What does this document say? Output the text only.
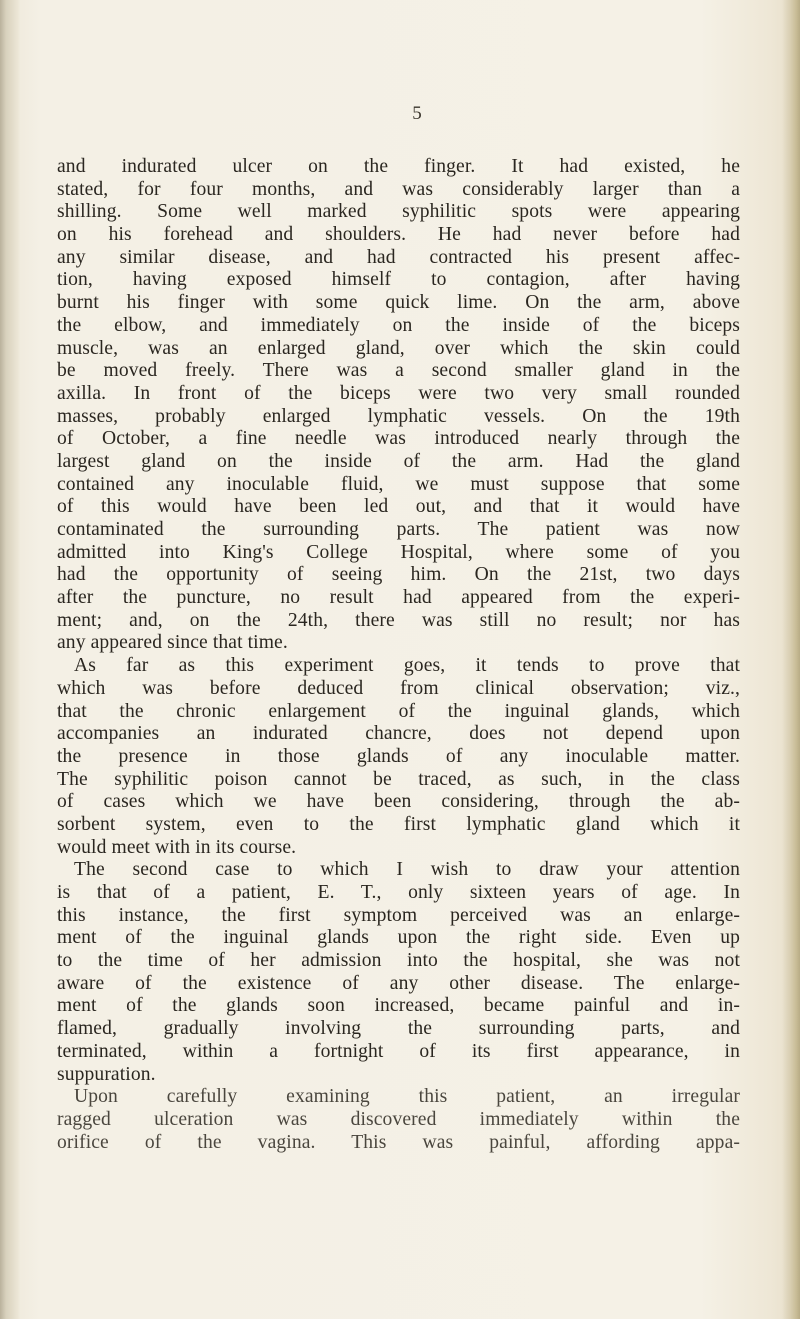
5
and indurated ulcer on the finger. It had existed, he
stated, for four months, and was considerably larger than a
shilling. Some well marked syphilitic spots were appearing
on his forehead and shoulders. He had never before had
any similar disease, and had contracted his present affec-
tion, having exposed himself to contagion, after having
burnt his finger with some quick lime. On the arm, above
the elbow, and immediately on the inside of the biceps
muscle, was an enlarged gland, over which the skin could
be moved freely. There was a second smaller gland in the
axilla. In front of the biceps were two very small rounded
masses, probably enlarged lymphatic vessels. On the 19th
of October, a fine needle was introduced nearly through the
largest gland on the inside of the arm. Had the gland
contained any inoculable fluid, we must suppose that some
of this would have been led out, and that it would have
contaminated the surrounding parts. The patient was now
admitted into King's College Hospital, where some of you
had the opportunity of seeing him. On the 21st, two days
after the puncture, no result had appeared from the experi-
ment; and, on the 24th, there was still no result; nor has
any appeared since that time.
As far as this experiment goes, it tends to prove that
which was before deduced from clinical observation; viz.,
that the chronic enlargement of the inguinal glands, which
accompanies an indurated chancre, does not depend upon
the presence in those glands of any inoculable matter.
The syphilitic poison cannot be traced, as such, in the class
of cases which we have been considering, through the ab-
sorbent system, even to the first lymphatic gland which it
would meet with in its course.
The second case to which I wish to draw your attention
is that of a patient, E. T., only sixteen years of age. In
this instance, the first symptom perceived was an enlarge-
ment of the inguinal glands upon the right side. Even up
to the time of her admission into the hospital, she was not
aware of the existence of any other disease. The enlarge-
ment of the glands soon increased, became painful and in-
flamed, gradually involving the surrounding parts, and
terminated, within a fortnight of its first appearance, in
suppuration.
Upon carefully examining this patient, an irregular
ragged ulceration was discovered immediately within the
orifice of the vagina. This was painful, affording appa-
